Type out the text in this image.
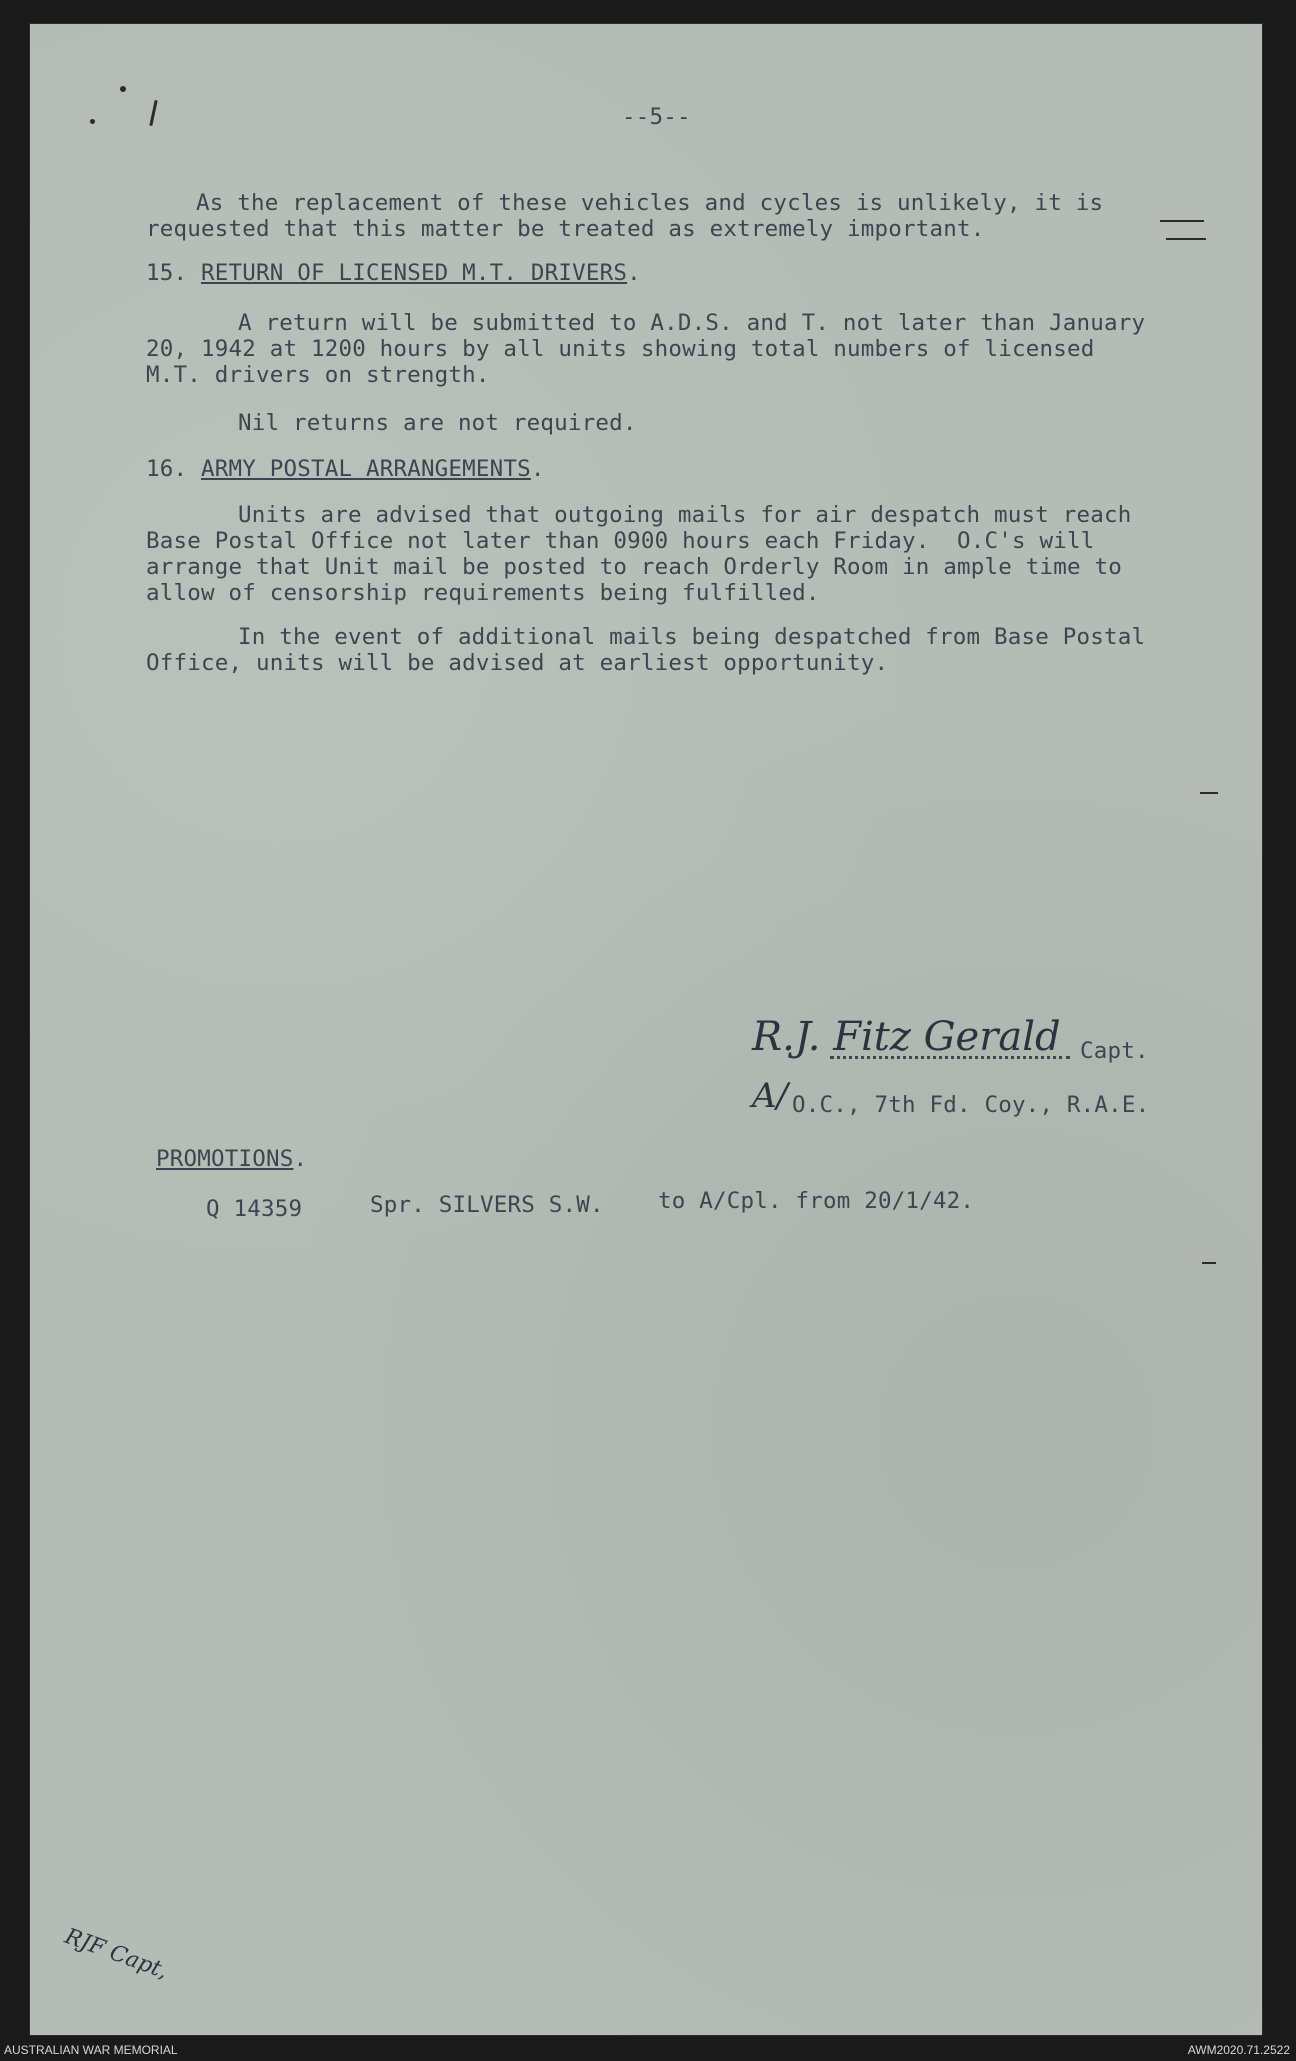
--5--

As the replacement of these vehicles and cycles is unlikely, it is

requested that this matter be treated as extremely important.

15. RETURN OF LICENSED M.T. DRIVERS.

A return will be submitted to A.D.S. and T. not later than January

20, 1942 at 1200 hours by all units showing total numbers of licensed

M.T. drivers on strength.

Nil returns are not required.

16. ARMY POSTAL ARRANGEMENTS.

Units are advised that outgoing mails for air despatch must reach

Base Postal Office not later than 0900 hours each Friday.  O.C's will

arrange that Unit mail be posted to reach Orderly Room in ample time to

allow of censorship requirements being fulfilled.

In the event of additional mails being despatched from Base Postal

Office, units will be advised at earliest opportunity.

R.J. Fitz Gerald Capt.

A/ O.C., 7th Fd. Coy., R.A.E.

PROMOTIONS.

Q 14359	Spr. SILVERS S.W. to A/Cpl. from 20/1/42.

RJF Capt,
AUSTRALIAN WAR MEMORIAL	AWM2020.71.2522
